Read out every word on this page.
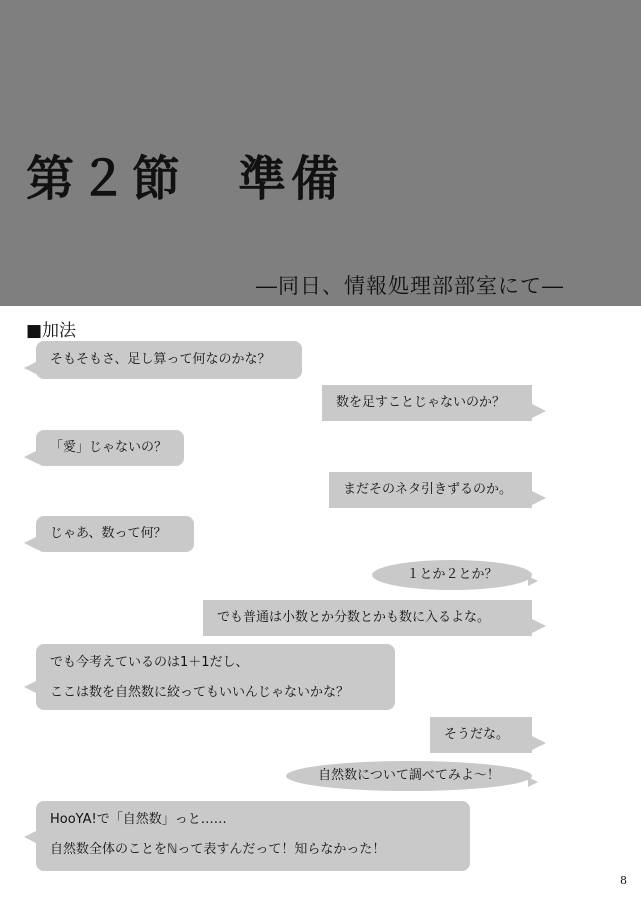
第２節　準備
―同日、情報処理部部室にて―
■加法
そもそもさ、足し算って何なのかな？
数を足すことじゃないのか？
「愛」じゃないの？
まだそのネタ引きずるのか。
じゃあ、数って何？
１とか２とか？
でも普通は小数とか分数とかも数に入るよな。
でも今考えているのは1＋1だし、
ここは数を自然数に絞ってもいいんじゃないかな？
そうだな。
自然数について調べてみよ～！
HooYA!で「自然数」っと……
自然数全体のことをℕって表すんだって！知らなかった！
8
